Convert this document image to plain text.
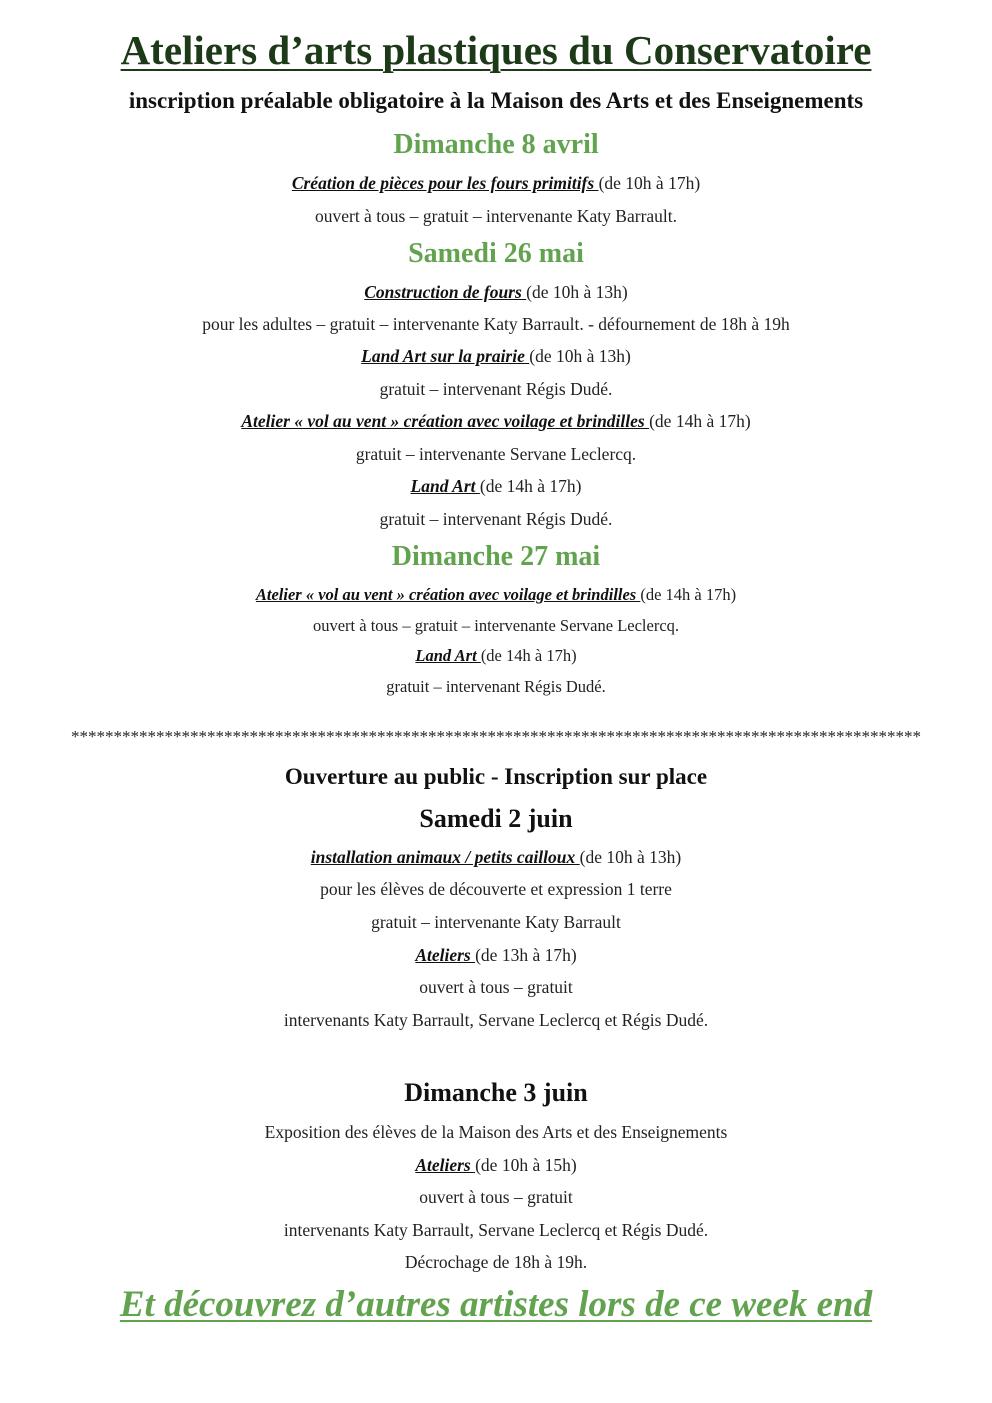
Ateliers d’arts plastiques du Conservatoire
inscription préalable obligatoire à la Maison des Arts et des Enseignements
Dimanche 8 avril
Création de pièces pour les fours primitifs (de 10h à 17h)
ouvert à tous – gratuit – intervenante Katy Barrault.
Samedi 26 mai
Construction de fours (de 10h à 13h)
pour les adultes – gratuit – intervenante Katy Barrault. - défournement de 18h à 19h
Land Art sur la prairie (de 10h à 13h)
gratuit – intervenant Régis Dudé.
Atelier « vol au vent » création avec voilage et brindilles (de 14h à 17h)
gratuit – intervenante Servane Leclercq.
Land Art (de 14h à 17h)
gratuit – intervenant Régis Dudé.
Dimanche 27 mai
Atelier « vol au vent » création avec voilage et brindilles (de 14h à 17h)
ouvert à tous – gratuit – intervenante Servane Leclercq.
Land Art (de 14h à 17h)
gratuit – intervenant Régis Dudé.
****************************************************************************************************
Ouverture au public - Inscription sur place
Samedi 2 juin
installation animaux / petits cailloux (de 10h à 13h)
pour les élèves de découverte et expression 1 terre
gratuit – intervenante Katy Barrault
Ateliers (de 13h à 17h)
ouvert à tous – gratuit
intervenants Katy Barrault, Servane Leclercq et Régis Dudé.
Dimanche 3 juin
Exposition des élèves de la Maison des Arts et des Enseignements
Ateliers (de 10h à 15h)
ouvert à tous – gratuit
intervenants Katy Barrault, Servane Leclercq et Régis Dudé.
Décrochage de 18h à 19h.
Et découvrez d’autres artistes lors de ce week end
